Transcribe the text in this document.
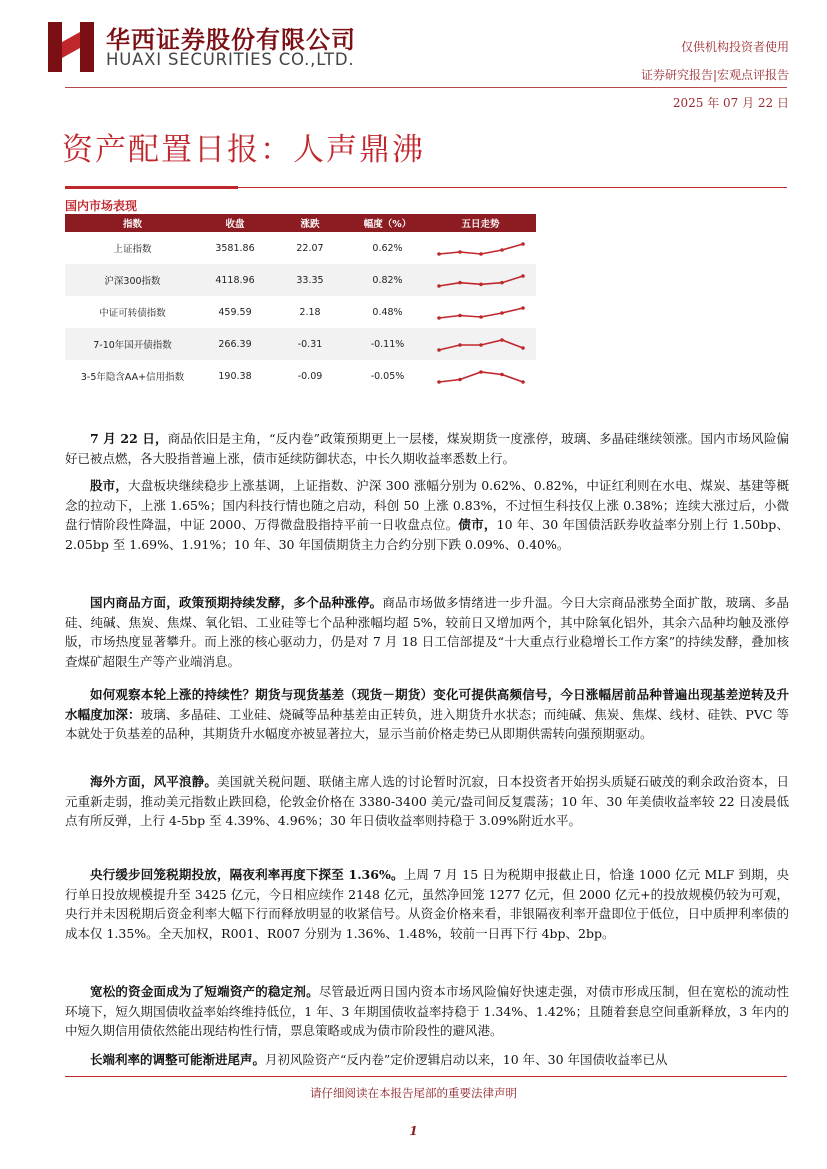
华西证券股份有限公司
HUAXI SECURITIES CO.,LTD.
仅供机构投资者使用
证券研究报告|宏观点评报告
2025 年 07 月 22 日
资产配置日报：人声鼎沸
国内市场表现
指数	收盘	涨跌	幅度（%）	五日走势
上证指数	3581.86	22.07	0.62%	

沪深300指数	4118.96	33.35	0.82%	

中证可转债指数	459.59	2.18	0.48%	

7-10年国开债指数	266.39	-0.31	-0.11%	

3-5年隐含AA+信用指数	190.38	-0.09	-0.05%	
7 月 22 日，商品依旧是主角，“反内卷”政策预期更上一层楼，煤炭期货一度涨停，玻璃、多晶硅继续领涨。国内市场风险偏好已被点燃，各大股指普遍上涨，债市延续防御状态，中长久期收益率悉数上行。
股市，大盘板块继续稳步上涨基调，上证指数、沪深 300 涨幅分别为 0.62%、0.82%，中证红利则在水电、煤炭、基建等概念的拉动下，上涨 1.65%；国内科技行情也随之启动，科创 50 上涨 0.83%，不过恒生科技仅上涨 0.38%；连续大涨过后，小微盘行情阶段性降温，中证 2000、万得微盘股指持平前一日收盘点位。债市，10 年、30 年国债活跃券收益率分别上行 1.50bp、2.05bp 至 1.69%、1.91%；10 年、30 年国债期货主力合约分别下跌 0.09%、0.40%。
国内商品方面，政策预期持续发酵，多个品种涨停。商品市场做多情绪进一步升温。今日大宗商品涨势全面扩散，玻璃、多晶硅、纯碱、焦炭、焦煤、氧化铝、工业硅等七个品种涨幅均超 5%，较前日又增加两个，其中除氧化铝外，其余六品种均触及涨停版，市场热度显著攀升。而上涨的核心驱动力，仍是对 7 月 18 日工信部提及“十大重点行业稳增长工作方案”的持续发酵，叠加核查煤矿超限生产等产业端消息。
如何观察本轮上涨的持续性？期货与现货基差（现货－期货）变化可提供高频信号，今日涨幅居前品种普遍出现基差逆转及升水幅度加深：玻璃、多晶硅、工业硅、烧碱等品种基差由正转负，进入期货升水状态；而纯碱、焦炭、焦煤、线材、硅铁、PVC 等本就处于负基差的品种，其期货升水幅度亦被显著拉大，显示当前价格走势已从即期供需转向强预期驱动。
海外方面，风平浪静。美国就关税问题、联储主席人选的讨论暂时沉寂，日本投资者开始拐头质疑石破茂的剩余政治资本，日元重新走弱，推动美元指数止跌回稳，伦敦金价格在 3380-3400 美元/盎司间反复震荡；10 年、30 年美债收益率较 22 日凌晨低点有所反弹，上行 4-5bp 至 4.39%、4.96%；30 年日债收益率则持稳于 3.09%附近水平。
央行缓步回笼税期投放，隔夜利率再度下探至 1.36%。上周 7 月 15 日为税期申报截止日，恰逢 1000 亿元 MLF 到期，央行单日投放规模提升至 3425 亿元，今日相应续作 2148 亿元，虽然净回笼 1277 亿元，但 2000 亿元+的投放规模仍较为可观，央行并未因税期后资金利率大幅下行而释放明显的收紧信号。从资金价格来看，非银隔夜利率开盘即位于低位，日中质押利率债的成本仅 1.35%。全天加权，R001、R007 分别为 1.36%、1.48%，较前一日再下行 4bp、2bp。
宽松的资金面成为了短端资产的稳定剂。尽管最近两日国内资本市场风险偏好快速走强，对债市形成压制，但在宽松的流动性环境下，短久期国债收益率始终维持低位，1 年、3 年期国债收益率持稳于 1.34%、1.42%；且随着套息空间重新释放，3 年内的中短久期信用债依然能出现结构性行情，票息策略或成为债市阶段性的避风港。
长端利率的调整可能渐进尾声。月初风险资产“反内卷”定价逻辑启动以来，10 年、30 年国债收益率已从
请仔细阅读在本报告尾部的重要法律声明
1
